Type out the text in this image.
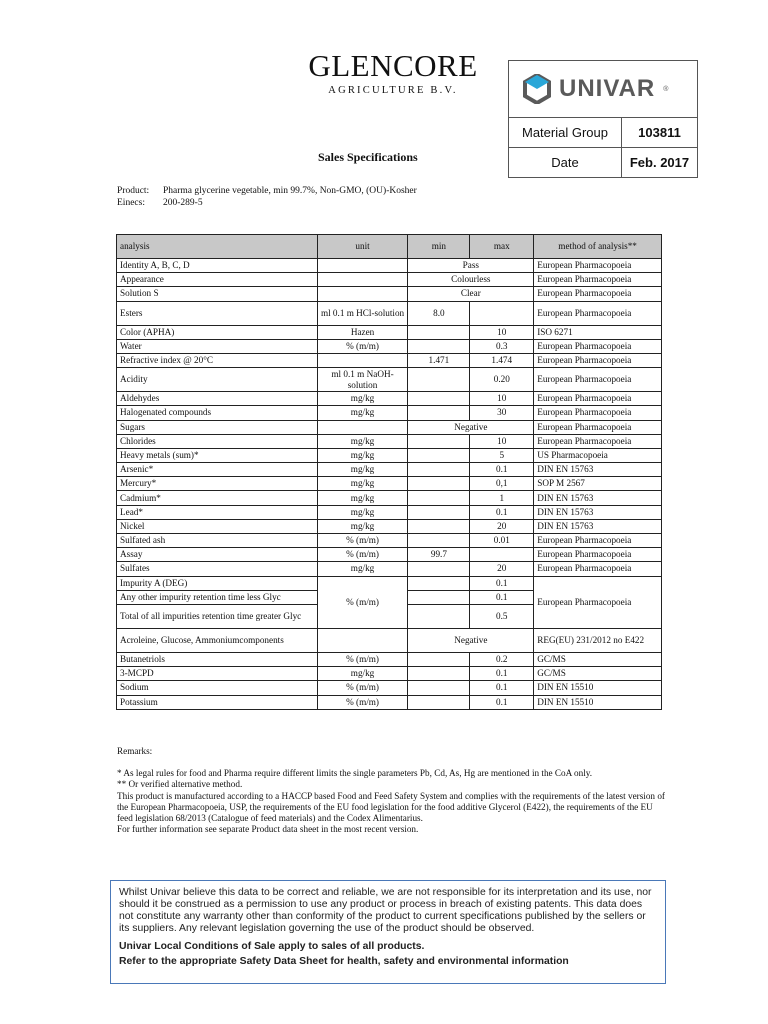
GLENCORE
AGRICULTURE B.V.	UNIVAR ®
Material Group	103811
Date	Feb. 2017
Sales Specifications
Product: Pharma glycerine vegetable, min 99.7%, Non-GMO, (OU)-Kosher
Einecs: 200-289-5
analysis	unit	min	max	method of analysis**
Identity A, B, C, D		Pass		European Pharmacopoeia
Appearance		Colourless		European Pharmacopoeia
Solution S		Clear		European Pharmacopoeia
Esters	ml 0.1 m HCl-solution	8.0		European Pharmacopoeia
Color (APHA)	Hazen		10	ISO 6271
Water	% (m/m)		0.3	European Pharmacopoeia
Refractive index @ 20°C		1.471	1.474	European Pharmacopoeia
Acidity	ml 0.1 m NaOH-solution		0.20	European Pharmacopoeia
Aldehydes	mg/kg		10	European Pharmacopoeia
Halogenated compounds	mg/kg		30	European Pharmacopoeia
Sugars		Negative		European Pharmacopoeia
Chlorides	mg/kg		10	European Pharmacopoeia
Heavy metals (sum)*	mg/kg		5	US Pharmacopoeia
Arsenic*	mg/kg		0.1	DIN EN 15763
Mercury*	mg/kg		0,1	SOP M 2567
Cadmium*	mg/kg		1	DIN EN 15763
Lead*	mg/kg		0.1	DIN EN 15763
Nickel	mg/kg		20	DIN EN 15763
Sulfated ash	% (m/m)		0.01	European Pharmacopoeia
Assay	% (m/m)	99.7		European Pharmacopoeia
Sulfates	mg/kg		20	European Pharmacopoeia
Impurity A (DEG)	% (m/m)		0.1	European Pharmacopoeia
Any other impurity retention time less Glyc			0.1	
Total of all impurities retention time greater Glyc			0.5	
Acroleine, Glucose, Ammoniumcomponents		Negative		REG(EU) 231/2012 no E422
Butanetriols	% (m/m)		0.2	GC/MS
3-MCPD	mg/kg		0.1	GC/MS
Sodium	% (m/m)		0.1	DIN EN 15510
Potassium	% (m/m)		0.1	DIN EN 15510

Remarks:

* As legal rules for food and Pharma require different limits the single parameters Pb, Cd, As, Hg are mentioned in the CoA only.

** Or verified alternative method.

This product is manufactured according to a HACCP based Food and Feed Safety System and complies with the requirements of the latest version of the European Pharmacopoeia, USP, the requirements of the EU food legislation for the food additive Glycerol (E422), the requirements of the EU feed legislation 68/2013 (Catalogue of feed materials) and the Codex Alimentarius.

For further information see separate Product data sheet in the most recent version.

Whilst Univar believe this data to be correct and reliable, we are not responsible for its interpretation and its use, nor should it be construed as a permission to use any product or process in breach of existing patents. This data does not constitute any warranty other than conformity of the product to current specifications published by the sellers or its suppliers. Any relevant legislation governing the use of the product should be observed.
Univar Local Conditions of Sale apply to sales of all products.
Refer to the appropriate Safety Data Sheet for health, safety and environmental information
